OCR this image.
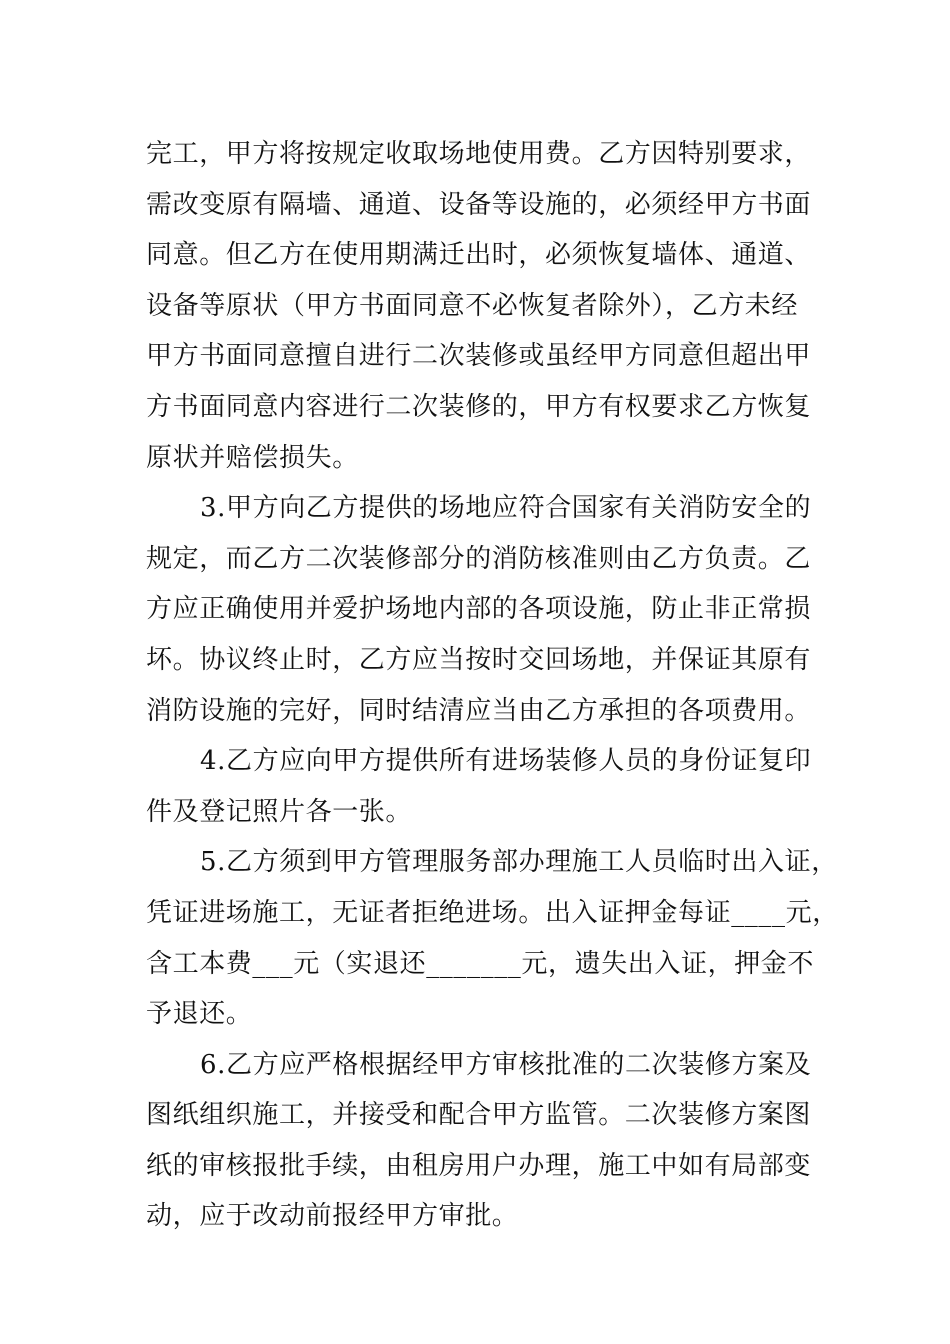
完工，甲方将按规定收取场地使用费。乙方因特别要求，
需改变原有隔墙、通道、设备等设施的，必须经甲方书面
同意。但乙方在使用期满迁出时，必须恢复墙体、通道、
设备等原状（甲方书面同意不必恢复者除外），乙方未经
甲方书面同意擅自进行二次装修或虽经甲方同意但超出甲
方书面同意内容进行二次装修的，甲方有权要求乙方恢复
原状并赔偿损失。
3.甲方向乙方提供的场地应符合国家有关消防安全的
规定，而乙方二次装修部分的消防核准则由乙方负责。乙
方应正确使用并爱护场地内部的各项设施，防止非正常损
坏。协议终止时，乙方应当按时交回场地，并保证其原有
消防设施的完好，同时结清应当由乙方承担的各项费用。
4.乙方应向甲方提供所有进场装修人员的身份证复印
件及登记照片各一张。
5.乙方须到甲方管理服务部办理施工人员临时出入证，
凭证进场施工，无证者拒绝进场。出入证押金每证____元，
含工本费___元（实退还_______元，遗失出入证，押金不
予退还。
6.乙方应严格根据经甲方审核批准的二次装修方案及
图纸组织施工，并接受和配合甲方监管。二次装修方案图
纸的审核报批手续，由租房用户办理，施工中如有局部变
动，应于改动前报经甲方审批。
